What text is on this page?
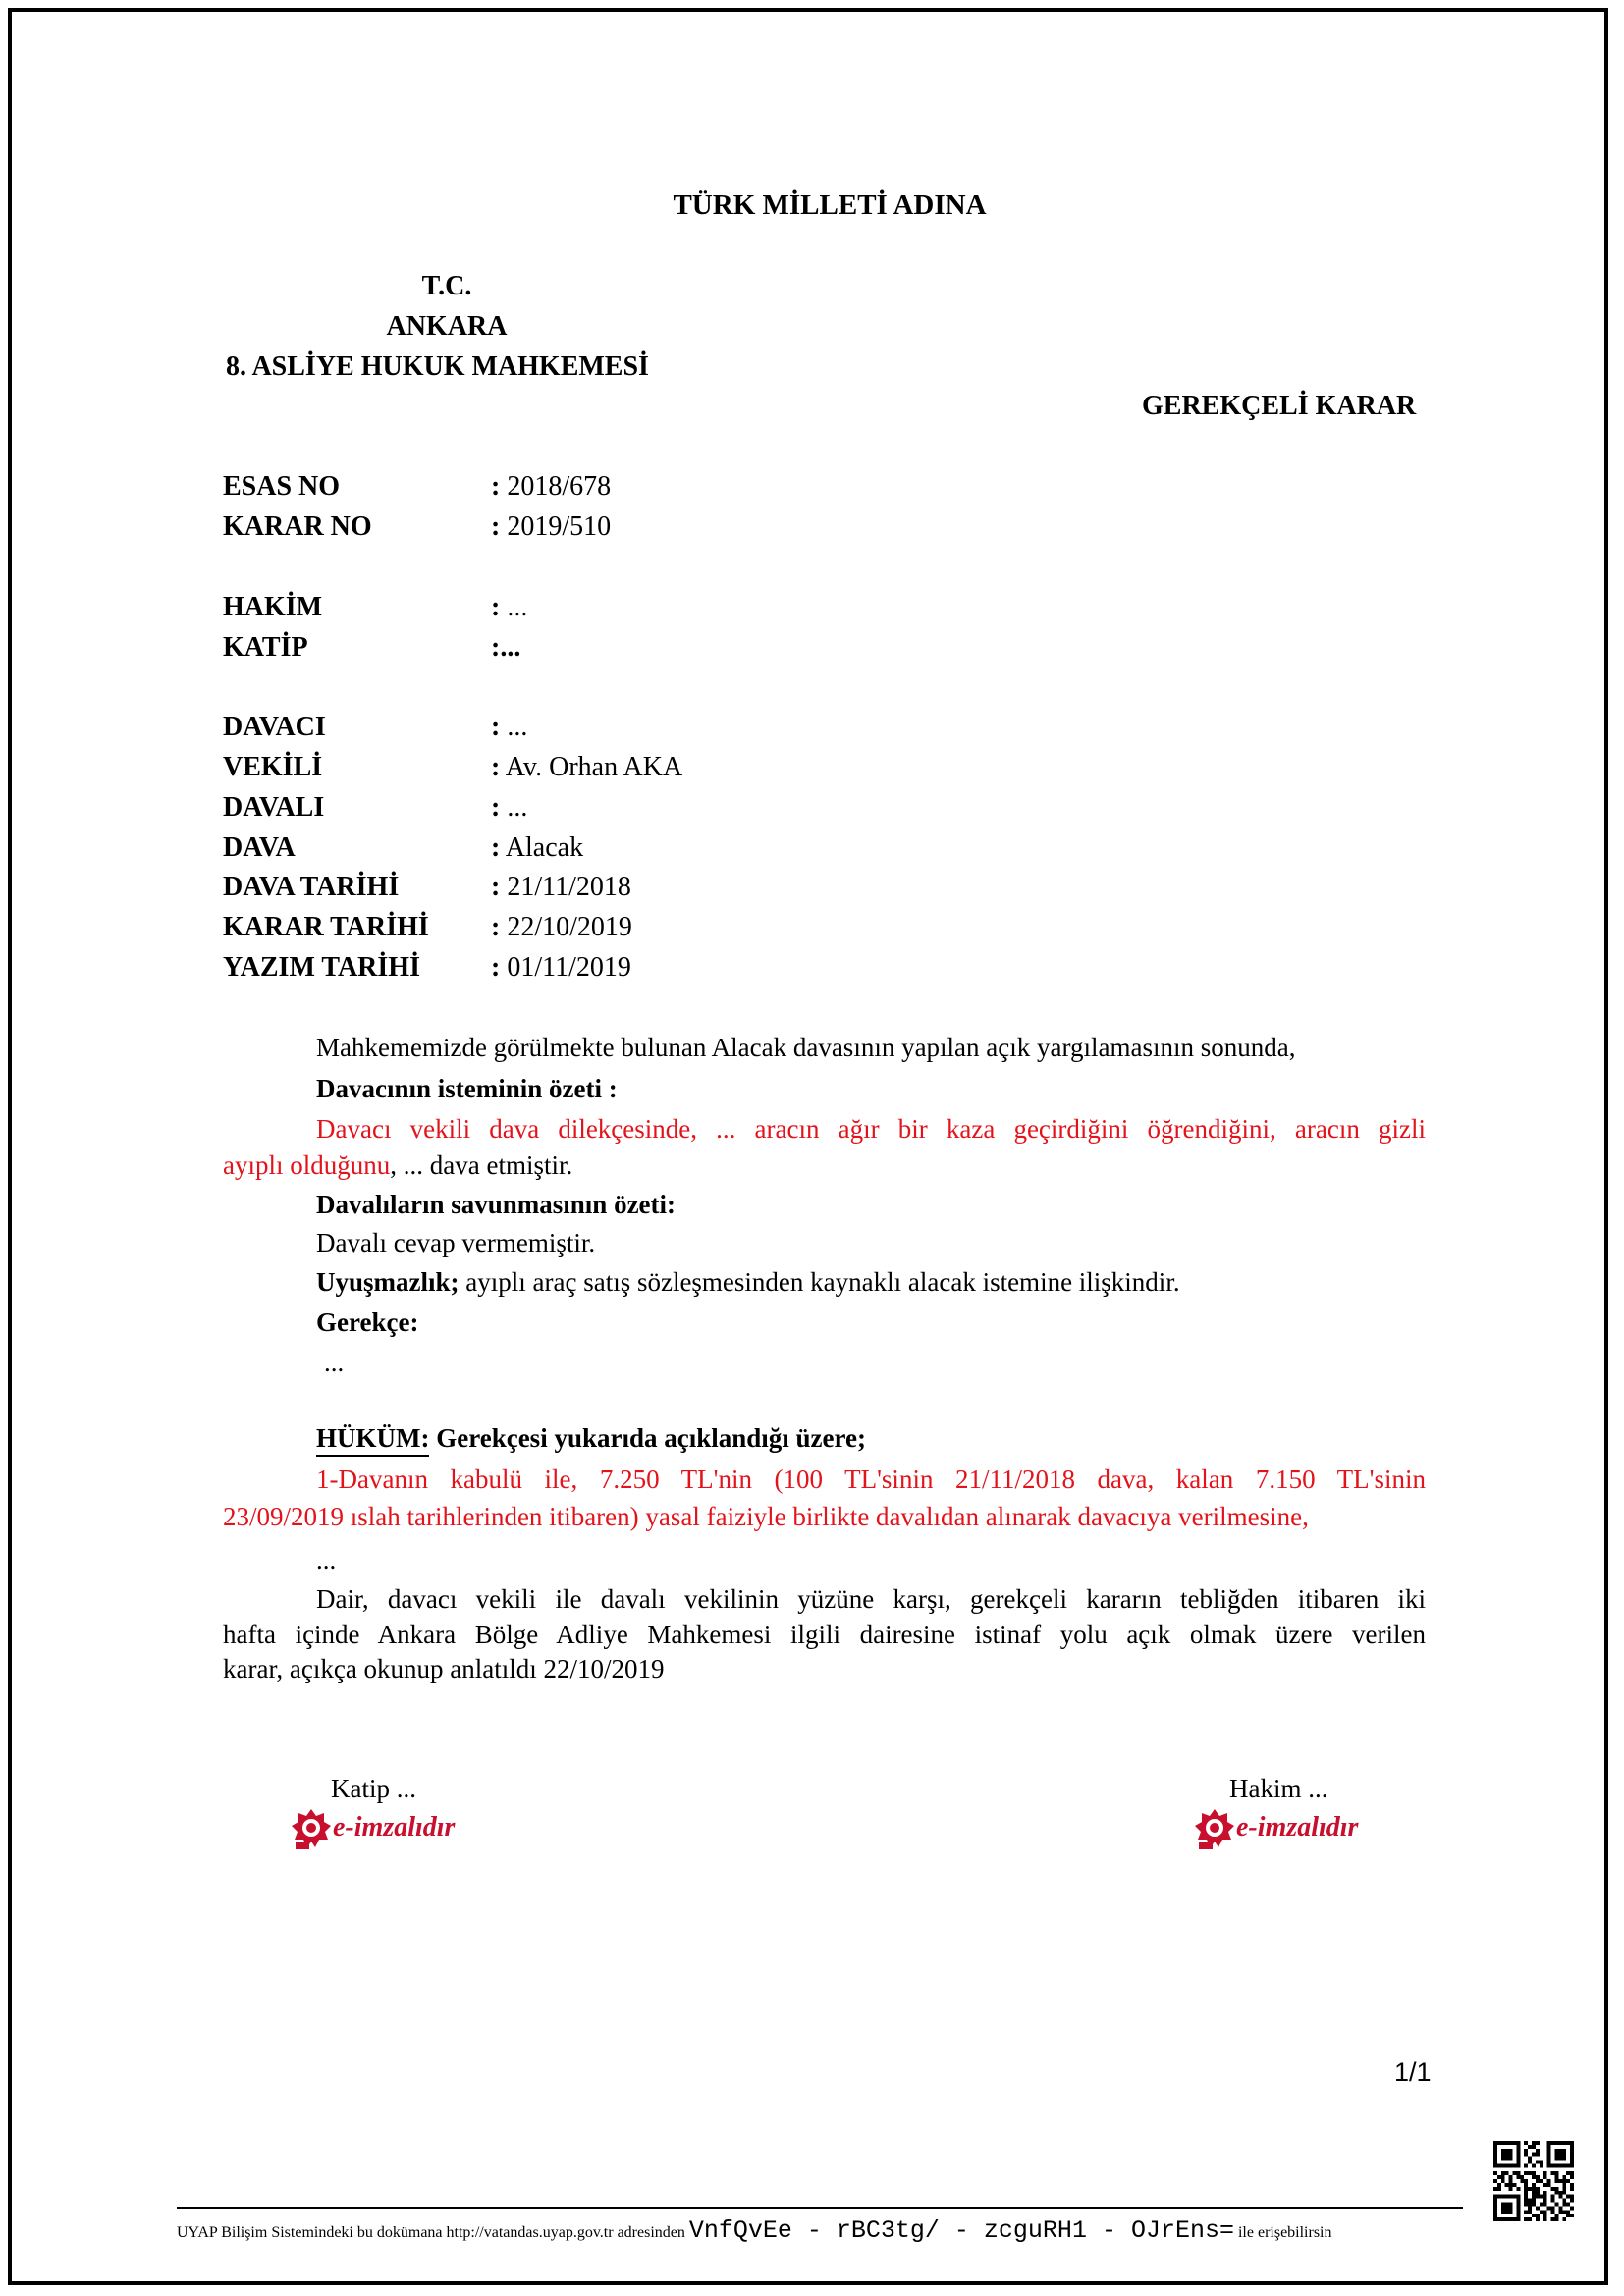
TÜRK MİLLETİ ADINA
T.C.
ANKARA
8. ASLİYE HUKUK MAHKEMESİ
GEREKÇELİ KARAR
ESAS NO	: 2018/678
KARAR NO	: 2019/510
HAKİM	: ...
KATİP	:...
DAVACI	: ...
VEKİLİ	: Av. Orhan AKA
DAVALI	: ...
DAVA	: Alacak
DAVA TARİHİ	: 21/11/2018
KARAR TARİHİ : 22/10/2019
YAZIM TARİHİ	: 01/11/2019
Mahkememizde görülmekte bulunan Alacak davasının yapılan açık yargılamasının sonunda,
Davacının isteminin özeti :
Davacı vekili dava dilekçesinde, ... aracın ağır bir kaza geçirdiğini öğrendiğini, aracın gizli
ayıplı olduğunu, ... dava etmiştir.
Davalıların savunmasının özeti:
Davalı cevap vermemiştir.
Uyuşmazlık; ayıplı araç satış sözleşmesinden kaynaklı alacak istemine ilişkindir.
Gerekçe:
...
HÜKÜM: Gerekçesi yukarıda açıklandığı üzere;
1-Davanın kabulü ile, 7.250 TL'nin (100 TL'sinin 21/11/2018 dava, kalan 7.150 TL'sinin
23/09/2019 ıslah tarihlerinden itibaren) yasal faiziyle birlikte davalıdan alınarak davacıya verilmesine,
...
Dair, davacı vekili ile davalı vekilinin yüzüne karşı, gerekçeli kararın tebliğden itibaren iki
hafta içinde Ankara Bölge Adliye Mahkemesi ilgili dairesine istinaf yolu açık olmak üzere verilen
karar, açıkça okunup anlatıldı 22/10/2019
Katip ...
e-imzalıdır
Hakim ...
e-imzalıdır
1/1
UYAP Bilişim Sistemindeki bu dokümana http://vatandas.uyap.gov.tr adresinden VnfQvEe - rBC3tg/ - zcguRH1 - OJrEns= ile erişebilirsin
